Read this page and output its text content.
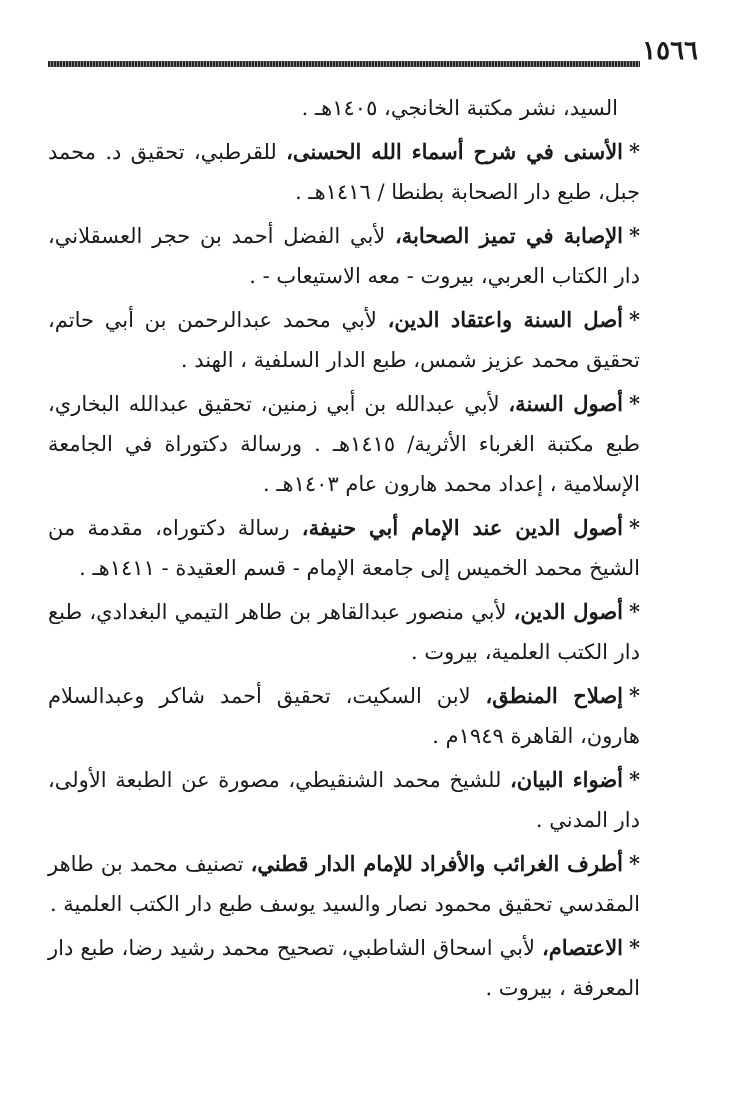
١٥٦٦

السيد، نشر مكتبة الخانجي، ١٤٠٥هـ .

*الأسنى في شرح أسماء الله الحسنى، للقرطبي، تحقيق د. محمد جبل، طبع دار الصحابة بطنطا / ١٤١٦هـ .

*الإصابة في تميز الصحابة، لأبي الفضل أحمد بن حجر العسقلاني، دار الكتاب العربي، بيروت - معه الاستيعاب - .

*أصل السنة واعتقاد الدين، لأبي محمد عبدالرحمن بن أبي حاتم، تحقيق محمد عزيز شمس، طبع الدار السلفية ، الهند .

*أصول السنة، لأبي عبدالله بن أبي زمنين، تحقيق عبدالله البخاري، طبع مكتبة الغرباء الأثرية/ ١٤١٥هـ . ورسالة دكتوراة في الجامعة الإسلامية ، إعداد محمد هارون عام ١٤٠٣هـ .

*أصول الدين عند الإمام أبي حنيفة، رسالة دكتوراه، مقدمة من الشيخ محمد الخميس إلى جامعة الإمام - قسم العقيدة - ١٤١١هـ .

*أصول الدين، لأبي منصور عبدالقاهر بن طاهر التيمي البغدادي، طبع دار الكتب العلمية، بيروت .

*إصلاح المنطق، لابن السكيت، تحقيق أحمد شاكر وعبدالسلام هارون، القاهرة ١٩٤٩م .

*أضواء البيان، للشيخ محمد الشنقيطي، مصورة عن الطبعة الأولى، دار المدني .

*أطرف الغرائب والأفراد للإمام الدار قطني، تصنيف محمد بن طاهر المقدسي تحقيق محمود نصار والسيد يوسف طبع دار الكتب العلمية .

*الاعتصام، لأبي اسحاق الشاطبي، تصحيح محمد رشيد رضا، طبع دار المعرفة ، بيروت .
